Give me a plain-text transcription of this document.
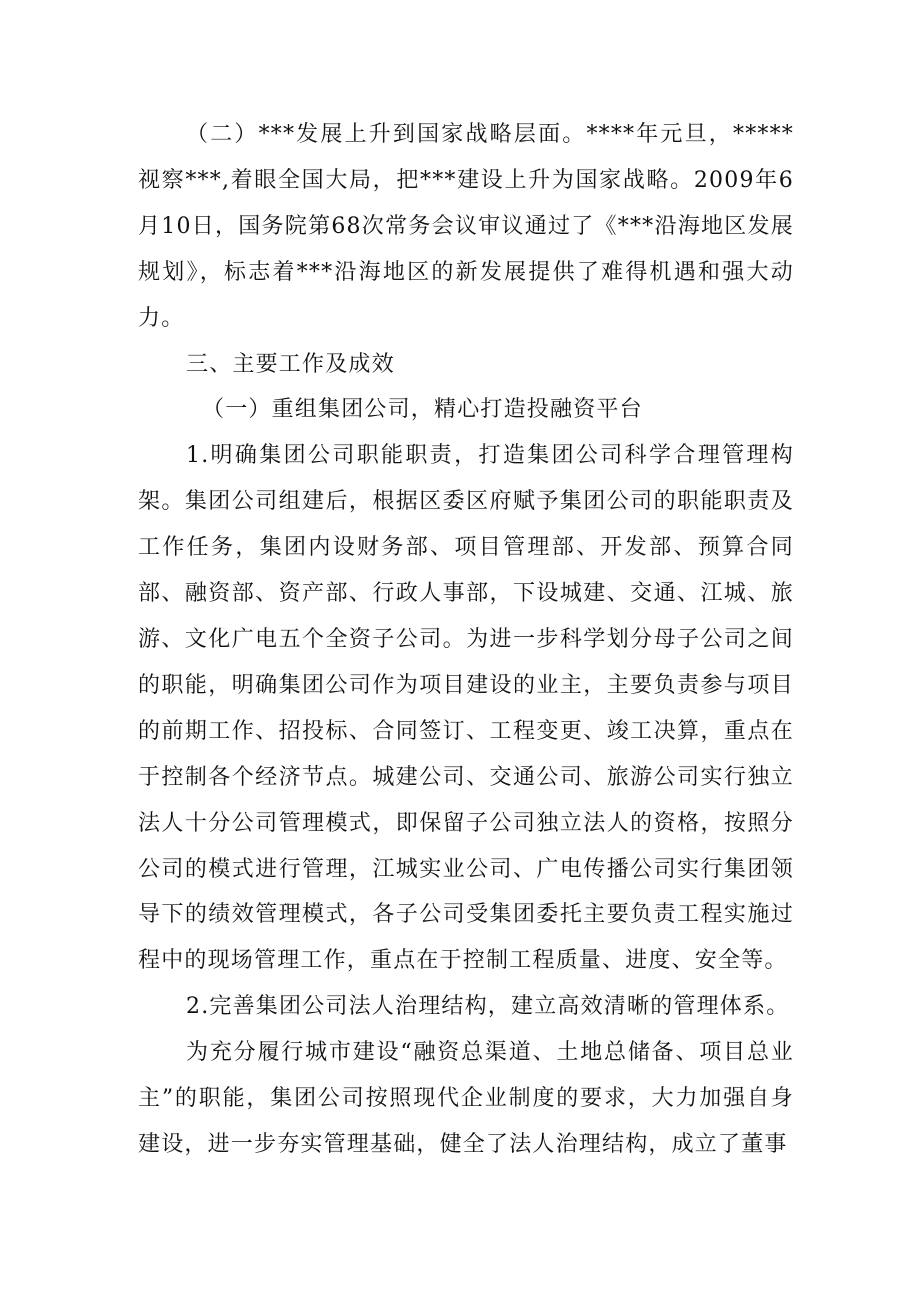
（二）***发展上升到国家战略层面。****年元旦，*****视察***,着眼全国大局，把***建设上升为国家战略。2009年6月10日，国务院第68次常务会议审议通过了《***沿海地区发展规划》，标志着***沿海地区的新发展提供了难得机遇和强大动力。

三、主要工作及成效

（一）重组集团公司，精心打造投融资平台

1.明确集团公司职能职责，打造集团公司科学合理管理构架。集团公司组建后，根据区委区府赋予集团公司的职能职责及工作任务，集团内设财务部、项目管理部、开发部、预算合同部、融资部、资产部、行政人事部，下设城建、交通、江城、旅游、文化广电五个全资子公司。为进一步科学划分母子公司之间的职能，明确集团公司作为项目建设的业主，主要负责参与项目的前期工作、招投标、合同签订、工程变更、竣工决算，重点在于控制各个经济节点。城建公司、交通公司、旅游公司实行独立法人十分公司管理模式，即保留子公司独立法人的资格，按照分公司的模式进行管理，江城实业公司、广电传播公司实行集团领导下的绩效管理模式，各子公司受集团委托主要负责工程实施过程中的现场管理工作，重点在于控制工程质量、进度、安全等。

2.完善集团公司法人治理结构，建立高效清晰的管理体系。

为充分履行城市建设“融资总渠道、土地总储备、项目总业主”的职能，集团公司按照现代企业制度的要求，大力加强自身建设，进一步夯实管理基础，健全了法人治理结构，成立了董事
